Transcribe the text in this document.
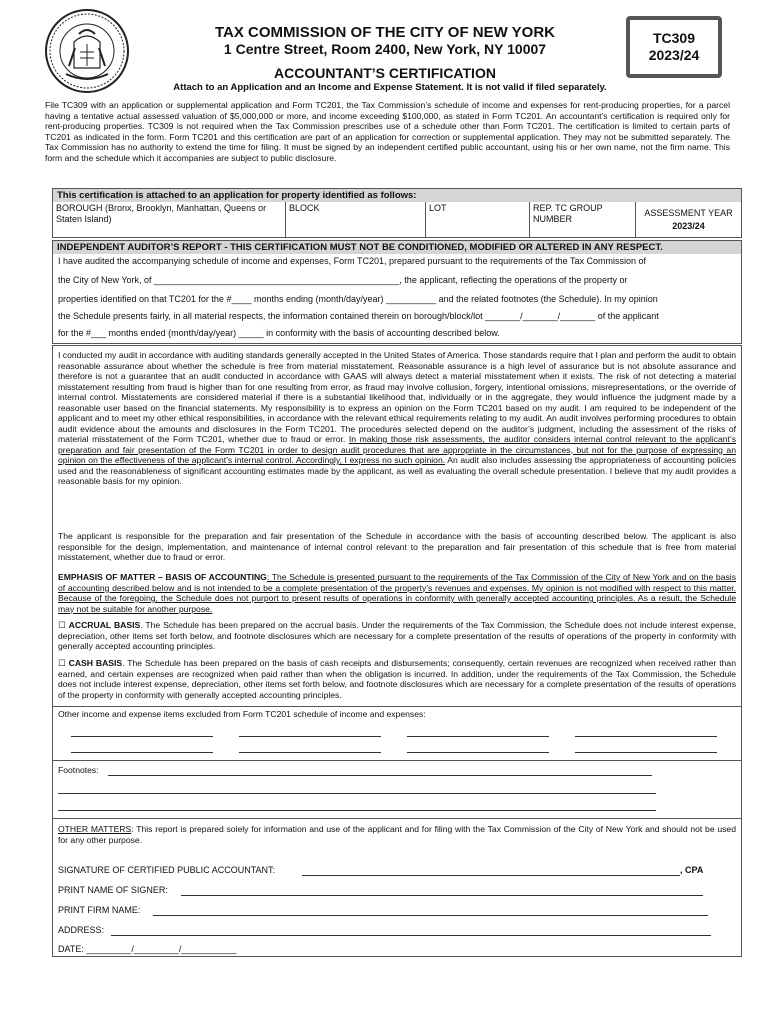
TAX COMMISSION OF THE CITY OF NEW YORK
1 Centre Street, Room 2400, New York, NY 10007
ACCOUNTANT’S CERTIFICATION
Attach to an Application and an Income and Expense Statement. It is not valid if filed separately.
TC309
2023/24
File TC309 with an application or supplemental application and Form TC201, the Tax Commission’s schedule of income and expenses for rent-producing properties, for a parcel having a tentative actual assessed valuation of $5,000,000 or more, and income exceeding $100,000, as stated in Form TC201. An accountant’s certification is required only for rent-producing properties. TC309 is not required when the Tax Commission prescribes use of a schedule other than Form TC201. The certification is limited to certain parts of TC201 as indicated in the form. Form TC201 and this certification are part of an application for correction or supplemental application. They may not be submitted separately. The Tax Commission has no authority to extend the time for filing. It must be signed by an independent certified public accountant, using his or her own name, not the firm name. This form and the schedule which it accompanies are subject to public disclosure.
This certification is attached to an application for property identified as follows:
BOROUGH (Bronx, Brooklyn, Manhattan, Queens or Staten Island)
BLOCK	LOT	REP. TC GROUP NUMBER
ASSESSMENT YEAR
2023/24
INDEPENDENT AUDITOR’S REPORT - THIS CERTIFICATION MUST NOT BE CONDITIONED, MODIFIED OR ALTERED IN ANY RESPECT.

I have audited the accompanying schedule of income and expenses, Form TC201, prepared pursuant to the requirements of the Tax Commission of

the City of New York, of _________________________________________________, the applicant, reflecting the operations of the property or

properties identified on that TC201 for the #____ months ending (month/day/year) __________ and the related footnotes (the Schedule). In my opinion

the Schedule presents fairly, in all material respects, the information contained therein on borough/block/lot _______/_______/_______ of the applicant

for the #___ months ended (month/day/year) _____ in conformity with the basis of accounting described below.

I conducted my audit in accordance with auditing standards generally accepted in the United States of America. Those standards require that I plan and perform the audit to obtain reasonable assurance about whether the schedule is free from material misstatement. Reasonable assurance is a high level of assurance but is not absolute assurance and therefore is not a guarantee that an audit conducted in accordance with GAAS will always detect a material misstatement when it exists. The risk of not detecting a material misstatement resulting from fraud is higher than for one resulting from error, as fraud may involve collusion, forgery, intentional omissions, misrepresentations, or the override of internal control. Misstatements are considered material if there is a substantial likelihood that, individually or in the aggregate, they would influence the judgment made by a reasonable user based on the financial statements. My responsibility is to express an opinion on the Form TC201 based on my audit. I am required to be independent of the applicant and to meet my other ethical responsibilities, in accordance with the relevant ethical requirements relating to my audit. An audit involves performing procedures to obtain audit evidence about the amounts and disclosures in the Form TC201. The procedures selected depend on the auditor’s judgment, including the assessment of the risks of material misstatement of the Form TC201, whether due to fraud or error. In making those risk assessments, the auditor considers internal control relevant to the applicant’s preparation and fair presentation of the Form TC201 in order to design audit procedures that are appropriate in the circumstances, but not for the purpose of expressing an opinion on the effectiveness of the applicant’s internal control. Accordingly, I express no such opinion. An audit also includes assessing the appropriateness of accounting policies used and the reasonableness of significant accounting estimates made by the applicant, as well as evaluating the overall schedule presentation. I believe that my audit provides a reasonable basis for my opinion.

The applicant is responsible for the preparation and fair presentation of the Schedule in accordance with the basis of accounting described below. The applicant is also responsible for the design, implementation, and maintenance of internal control relevant to the preparation and fair presentation of this schedule that is free from material misstatement, whether due to fraud or error.

EMPHASIS OF MATTER – BASIS OF ACCOUNTING: The Schedule is presented pursuant to the requirements of the Tax Commission of the City of New York and on the basis of accounting described below and is not intended to be a complete presentation of the property’s revenues and expenses. My opinion is not modified with respect to this matter. Because of the foregoing, the Schedule does not purport to present results of operations in conformity with generally accepted accounting principles. As a result, the Schedule may not be suitable for another purpose.

☐ ACCRUAL BASIS. The Schedule has been prepared on the accrual basis. Under the requirements of the Tax Commission, the Schedule does not include interest expense, depreciation, other items set forth below, and footnote disclosures which are necessary for a complete presentation of the results of operations of the property in conformity with generally accepted accounting principles.

☐ CASH BASIS. The Schedule has been prepared on the basis of cash receipts and disbursements; consequently, certain revenues are recognized when received rather than earned, and certain expenses are recognized when paid rather than when the obligation is incurred. In addition, under the requirements of the Tax Commission, the Schedule does not include interest expense, depreciation, other items set forth below, and footnote disclosures which are necessary for a complete presentation of the results of operations of the property in conformity with generally accepted accounting principles.

Other income and expense items excluded from Form TC201 schedule of income and expenses:

Footnotes:

OTHER MATTERS: This report is prepared solely for information and use of the applicant and for filing with the Tax Commission of the City of New York and should not be used for any other purpose.

SIGNATURE OF CERTIFIED PUBLIC ACCOUNTANT:	, CPA

PRINT NAME OF SIGNER:

PRINT FIRM NAME:

ADDRESS:

DATE: _________/_________/___________
